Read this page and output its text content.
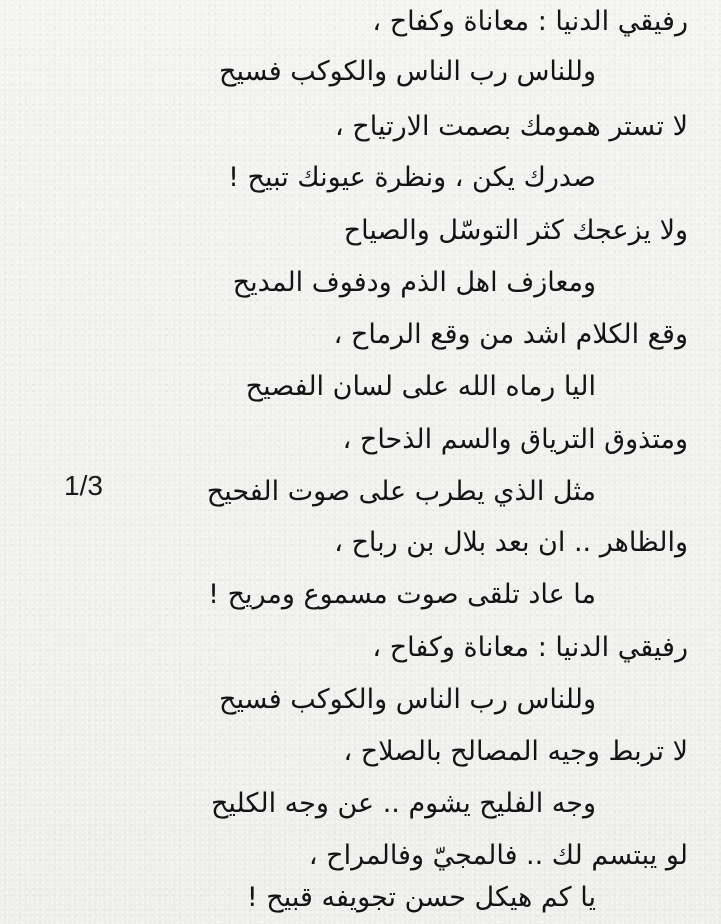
رفيقي الدنيا : معاناة وكفاح ،
وللناس رب الناس والكوكب فسيح
لا تستر همومك بصمت الارتياح ،
صدرك يكن ، ونظرة عيونك تبيح !
ولا يزعجك كثر التوسّل والصياح
ومعازف اهل الذم ودفوف المديح
وقع الكلام اشد من وقع الرماح ،
اليا رماه الله على لسان الفصيح
ومتذوق الترياق والسم الذحاح ،
مثل الذي يطرب على صوت الفحيح
والظاهر .. ان بعد بلال بن رباح ،
ما عاد تلقى صوت مسموع ومريح !
رفيقي الدنيا : معاناة وكفاح ،
وللناس رب الناس والكوكب فسيح
لا تربط وجيه المصالح بالصلاح ،
وجه الفليح يشوم .. عن وجه الكليح
لو يبتسم لك .. فالمجيّ وفالمراح ،
يا كم هيكل حسن تجويفه قبيح !
1/3
